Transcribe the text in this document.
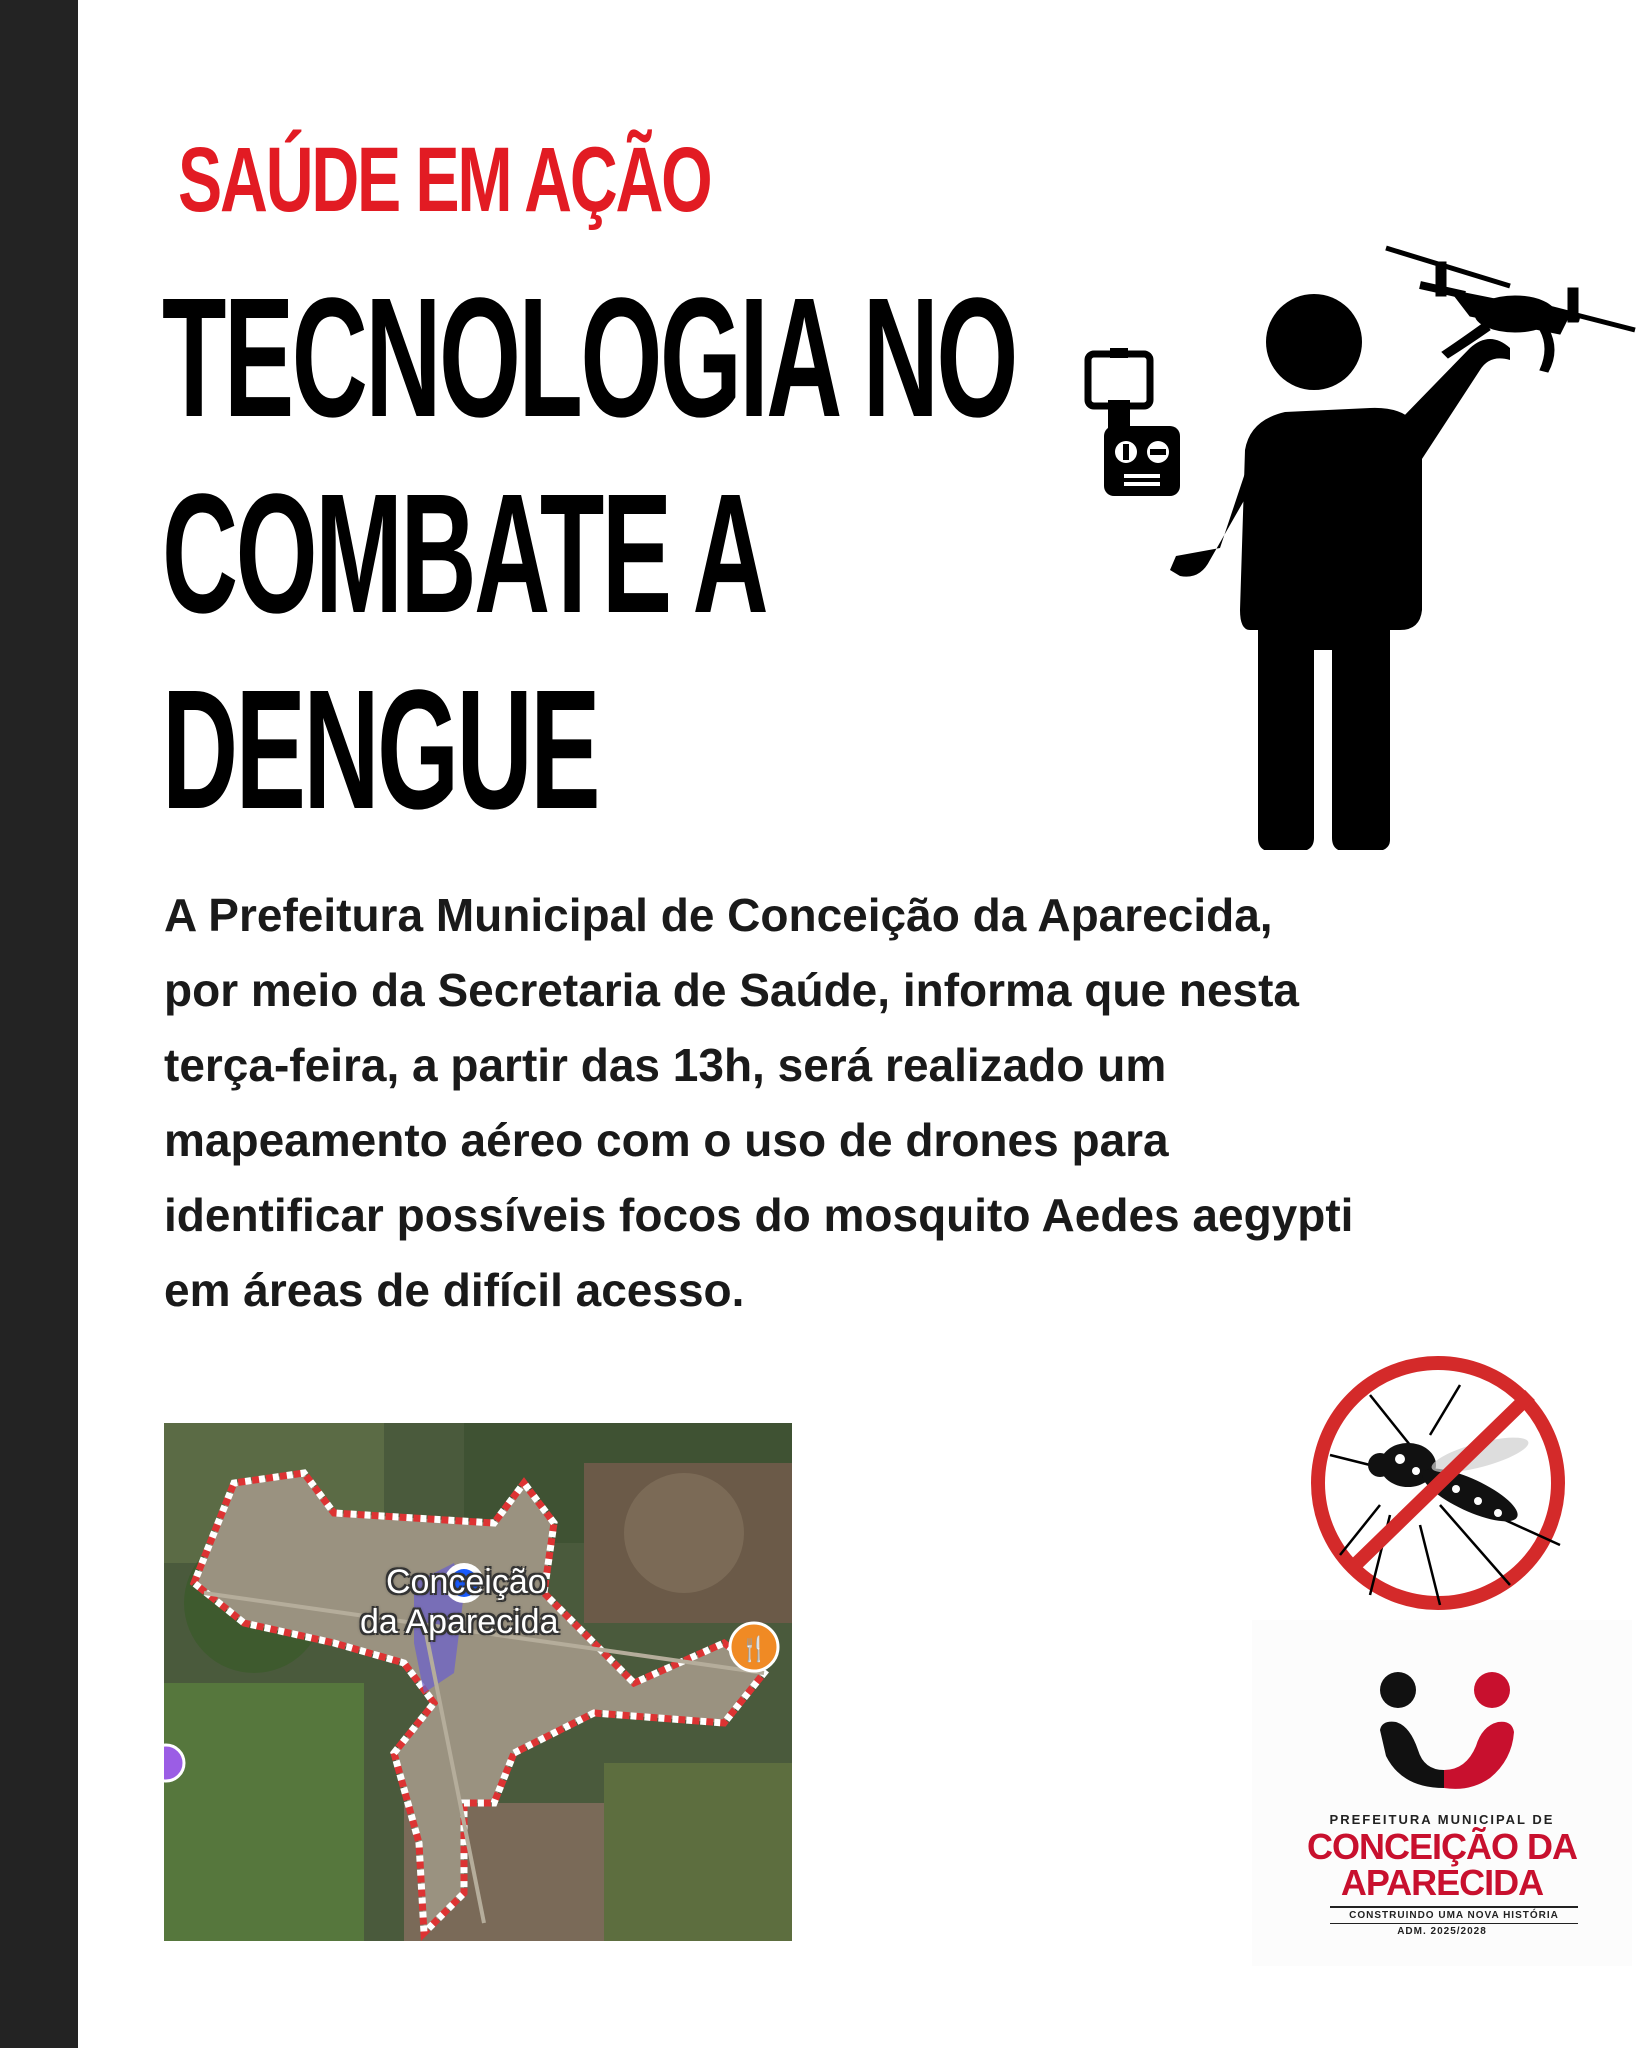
SAÚDE EM AÇÃO
TECNOLOGIA NO
COMBATE A
DENGUE

A Prefeitura Municipal de Conceição da Aparecida, por meio da Secretaria de Saúde, informa que nesta terça-feira, a partir das 13h, será realizado um mapeamento aéreo com o uso de drones para identificar possíveis focos do mosquito Aedes aegypti em áreas de difícil acesso.

🍴
Conceição
da Aparecida
PREFEITURA MUNICIPAL DE
CONCEIÇÃO DA
APARECIDA
CONSTRUINDO UMA NOVA HISTÓRIA
ADM. 2025/2028
